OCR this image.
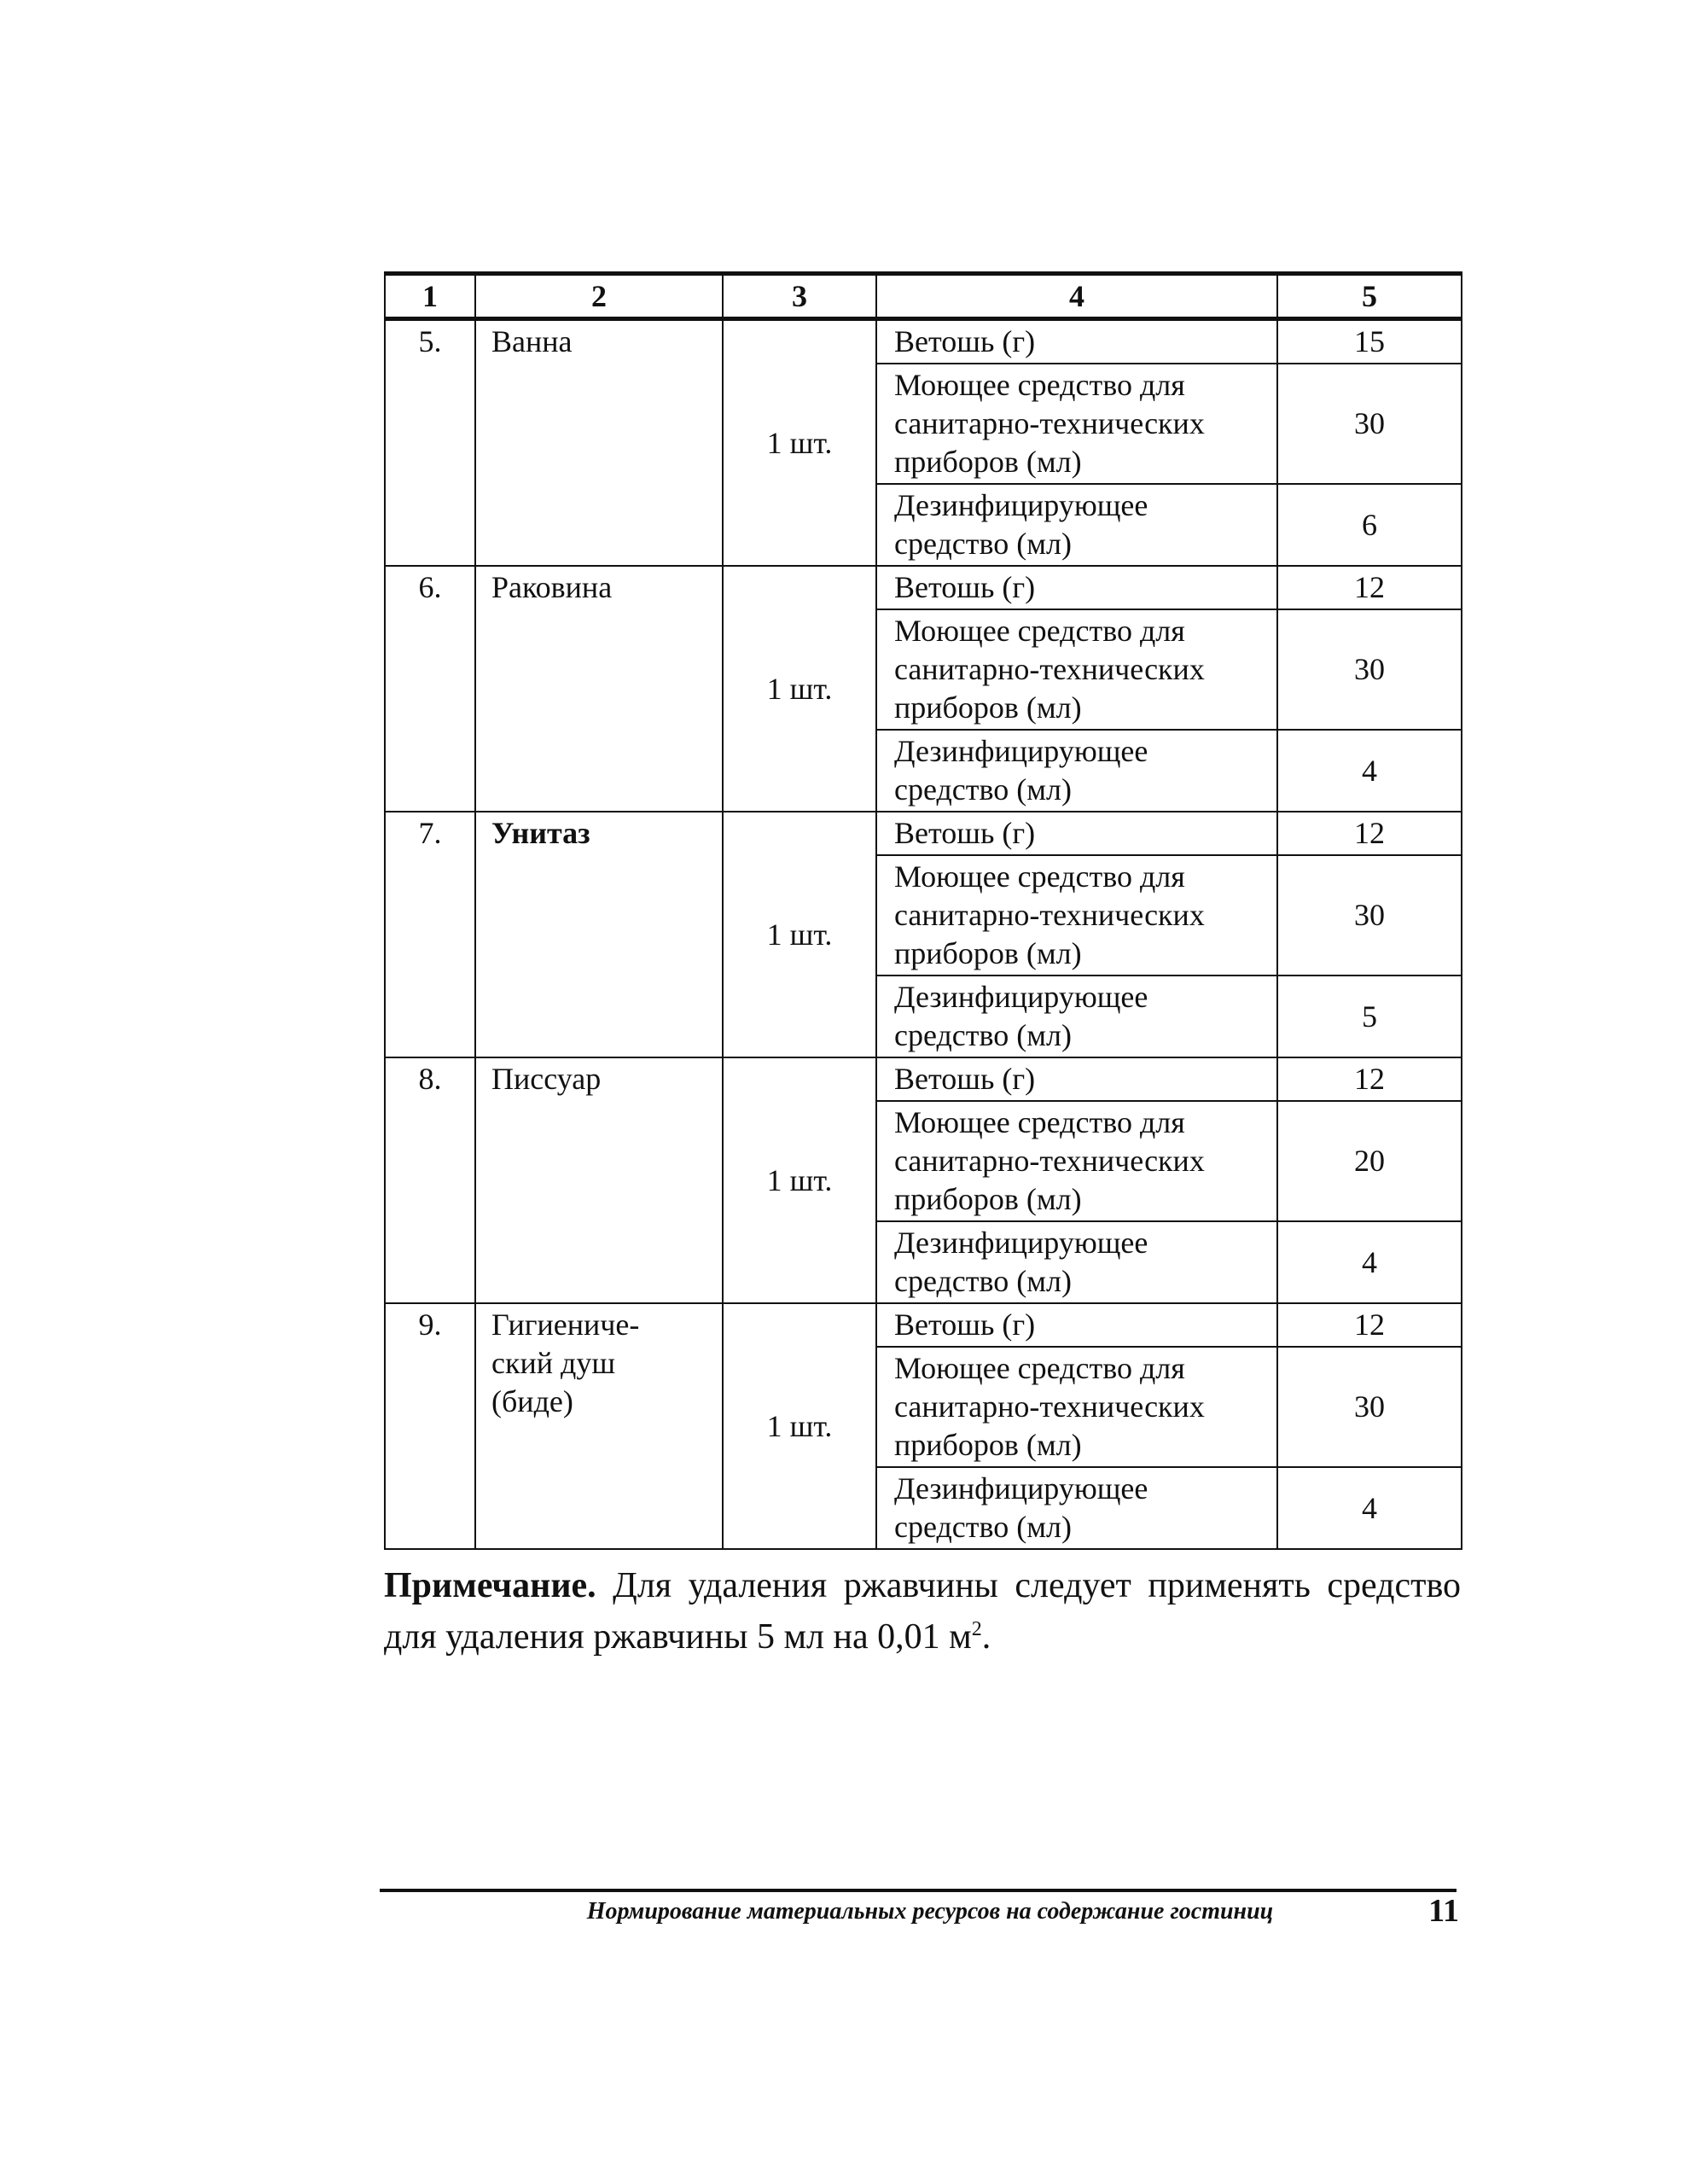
1	2	3	4	5
5.	Ванна	1 шт.	Ветошь (г)	15

			Моющее средство для
санитарно-технических
приборов (мл)	30

			Дезинфицирующее
средство (мл)	6
6.	Раковина	1 шт.	Ветошь (г)	12

			Моющее средство для
санитарно-технических
приборов (мл)	30

			Дезинфицирующее
средство (мл)	4
7.	Унитаз	1 шт.	Ветошь (г)	12

			Моющее средство для
санитарно-технических
приборов (мл)	30

			Дезинфицирующее
средство (мл)	5
8.	Писсуар	1 шт.	Ветошь (г)	12

			Моющее средство для
санитарно-технических
приборов (мл)	20

			Дезинфицирующее
средство (мл)	4
9.	Гигиениче-
ский душ
(биде)	1 шт.	Ветошь (г)	12

			Моющее средство для
санитарно-технических
приборов (мл)	30

			Дезинфицирующее
средство (мл)	4
Примечание. Для удаления ржавчины следует применять средство для удаления ржавчины 5 мл на 0,01 $м^2$.
Нормирование материальных ресурсов на содержание гостиниц	11
